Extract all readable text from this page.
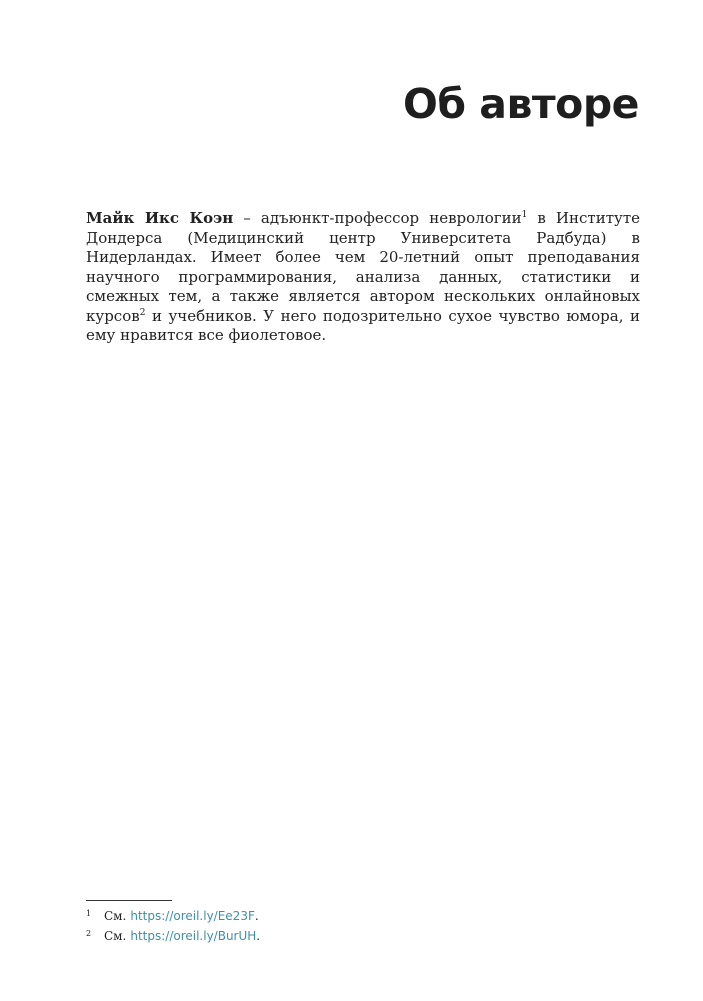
Об авторе

Майк Икс Коэн – адъюнкт-профессор неврологии$^1$ в Институте Дондерса (Медицинский центр Университета Радбуда) в Нидерландах. Имеет более чем 20-летний опыт преподавания научного программирования, анализа данных, статистики и смежных тем, а также является автором нескольких онлайновых курсов$^2$ и учебников. У него подозрительно сухое чувство юмора, и ему нравится все фиолетовое.

1	См. https://oreil.ly/Ee23F .
2	См. https://oreil.ly/BurUH .
